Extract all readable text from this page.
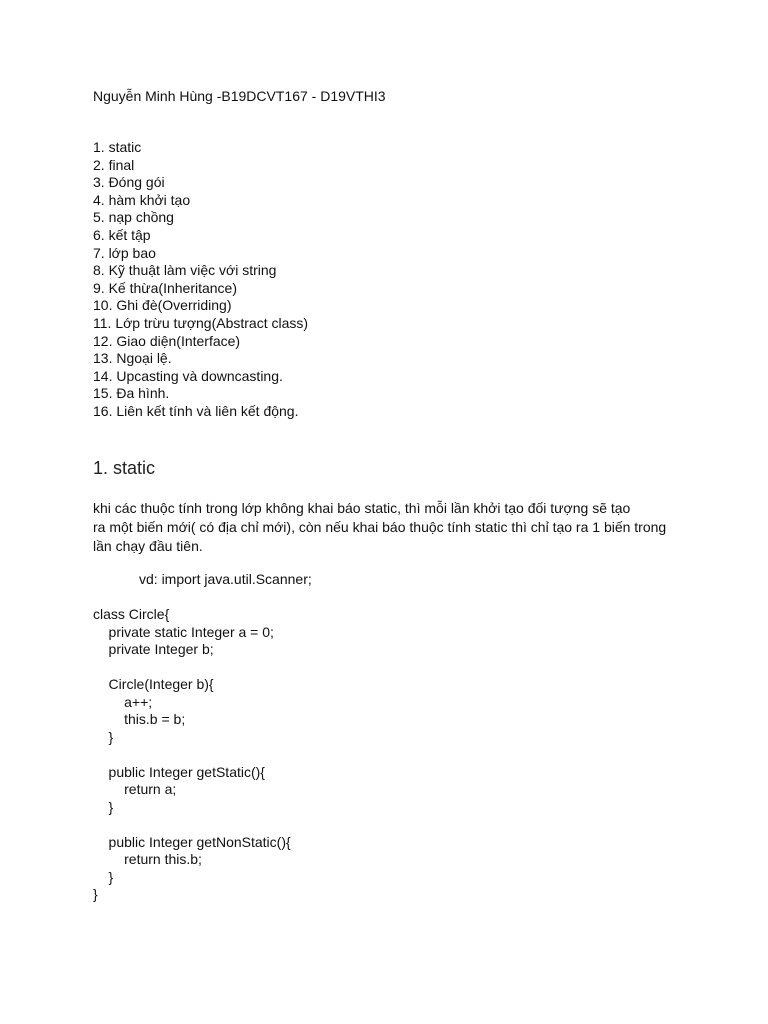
Nguyễn Minh Hùng -B19DCVT167 - D19VTHI3

1. static
2. final
3. Đóng gói
4. hàm khởi tạo
5. nạp chồng
6. kết tập
7. lớp bao
8. Kỹ thuật làm việc với string
9. Kế thừa(Inheritance)
10. Ghi đè(Overriding)
11. Lớp trừu tượng(Abstract class)
12. Giao diện(Interface)
13. Ngoại lệ.
14. Upcasting và downcasting.
15. Đa hình.
16. Liên kết tính và liên kết động.
1. static
khi các thuộc tính trong lớp không khai báo static, thì mỗi lần khởi tạo đối tượng sẽ tạo
ra một biến mới( có địa chỉ mới), còn nếu khai báo thuộc tính static thì chỉ tạo ra 1 biến trong
lần chạy đầu tiên.
vd: import java.util.Scanner;
class Circle{
private static Integer a = 0;
private Integer b;
Circle(Integer b){
a++;
this.b = b;
}
public Integer getStatic(){
return a;
}
public Integer getNonStatic(){
return this.b;
}
}
